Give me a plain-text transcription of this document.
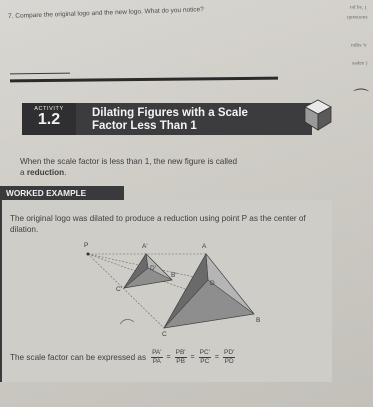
7. Compare the original logo and the new logo. What do you notice?	1 'sq pu
suonsanb
a, sqpu
( aapes
⌒
ACTIVITY
1.2	Dilating Figures with a Scale
Factor Less Than 1
When the scale factor is less than 1, the new figure is called
a reduction.
WORKED EXAMPLE
The original logo was dilated to produce a reduction using point P as the center of dilation.
P	A'	A
D'
B'
C'
D
B
C
The scale factor can be expressed as $\frac{PA'}{PA} = \frac{PB'}{PB} = \frac{PC'}{PC} = \frac{PD'}{PD}$
